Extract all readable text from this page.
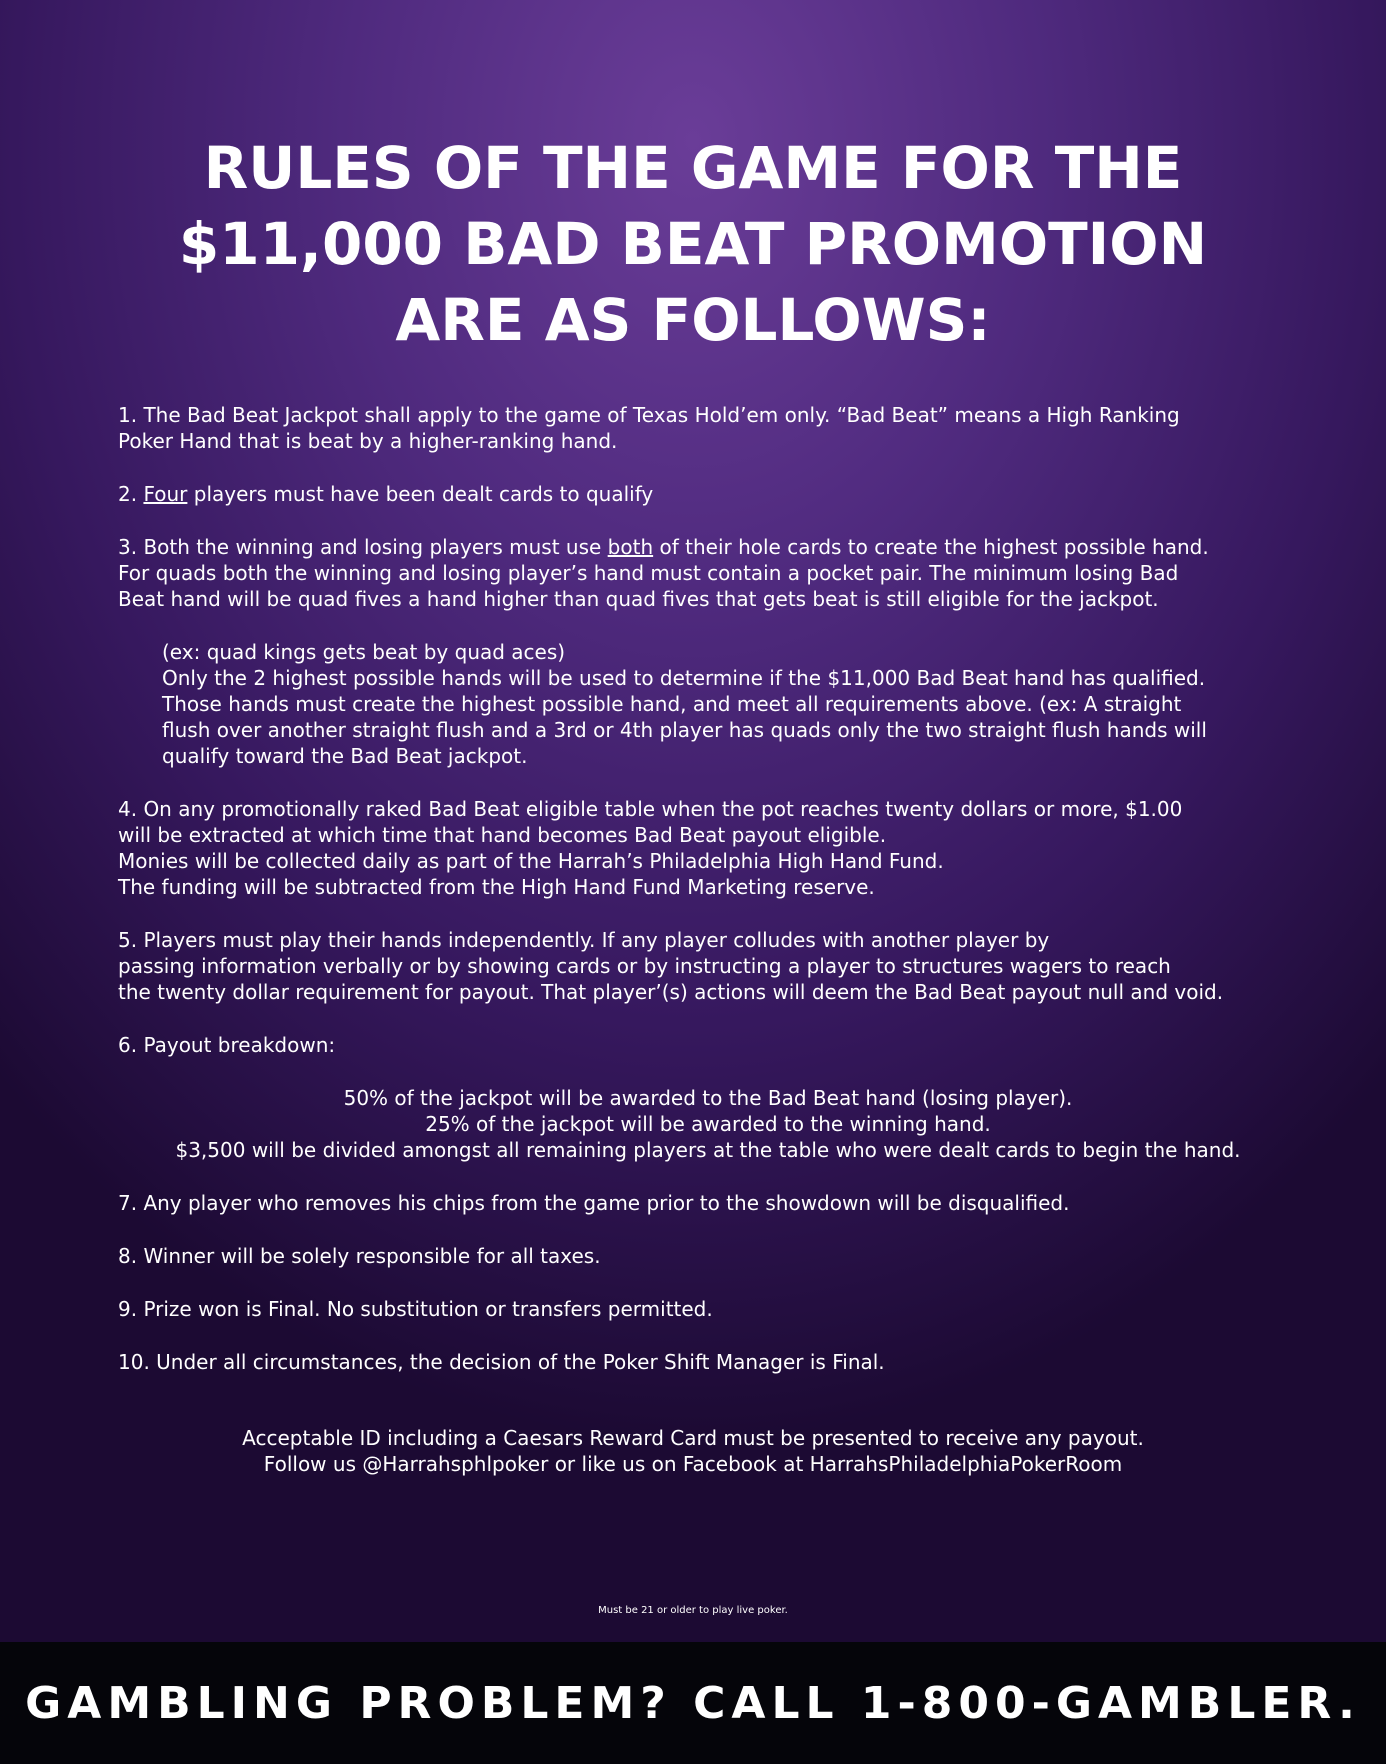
RULES OF THE GAME FOR THE
$11,000 BAD BEAT PROMOTION
ARE AS FOLLOWS:

1. The Bad Beat Jackpot shall apply to the game of Texas Hold’em only. “Bad Beat” means a High Ranking

Poker Hand that is beat by a higher-ranking hand.

2. Four players must have been dealt cards to qualify

3. Both the winning and losing players must use both of their hole cards to create the highest possible hand.

For quads both the winning and losing player’s hand must contain a pocket pair. The minimum losing Bad

Beat hand will be quad fives a hand higher than quad fives that gets beat is still eligible for the jackpot.

(ex: quad kings gets beat by quad aces)

Only the 2 highest possible hands will be used to determine if the $11,000 Bad Beat hand has qualified.

Those hands must create the highest possible hand, and meet all requirements above. (ex: A straight

flush over another straight flush and a 3rd or 4th player has quads only the two straight flush hands will

qualify toward the Bad Beat jackpot.

4. On any promotionally raked Bad Beat eligible table when the pot reaches twenty dollars or more, $1.00

will be extracted at which time that hand becomes Bad Beat payout eligible.

Monies will be collected daily as part of the Harrah’s Philadelphia High Hand Fund.

The funding will be subtracted from the High Hand Fund Marketing reserve.

5. Players must play their hands independently. If any player colludes with another player by

passing information verbally or by showing cards or by instructing a player to structures wagers to reach

the twenty dollar requirement for payout. That player’(s) actions will deem the Bad Beat payout null and void.

6. Payout breakdown:

50% of the jackpot will be awarded to the Bad Beat hand (losing player).

25% of the jackpot will be awarded to the winning hand.

$3,500 will be divided amongst all remaining players at the table who were dealt cards to begin the hand.

7. Any player who removes his chips from the game prior to the showdown will be disqualified.

8. Winner will be solely responsible for all taxes.

9. Prize won is Final. No substitution or transfers permitted.

10. Under all circumstances, the decision of the Poker Shift Manager is Final.

Acceptable ID including a Caesars Reward Card must be presented to receive any payout.

Follow us @Harrahsphlpoker or like us on Facebook at HarrahsPhiladelphiaPokerRoom

Must be 21 or older to play live poker.
GAMBLING PROBLEM? CALL 1-800-GAMBLER.
